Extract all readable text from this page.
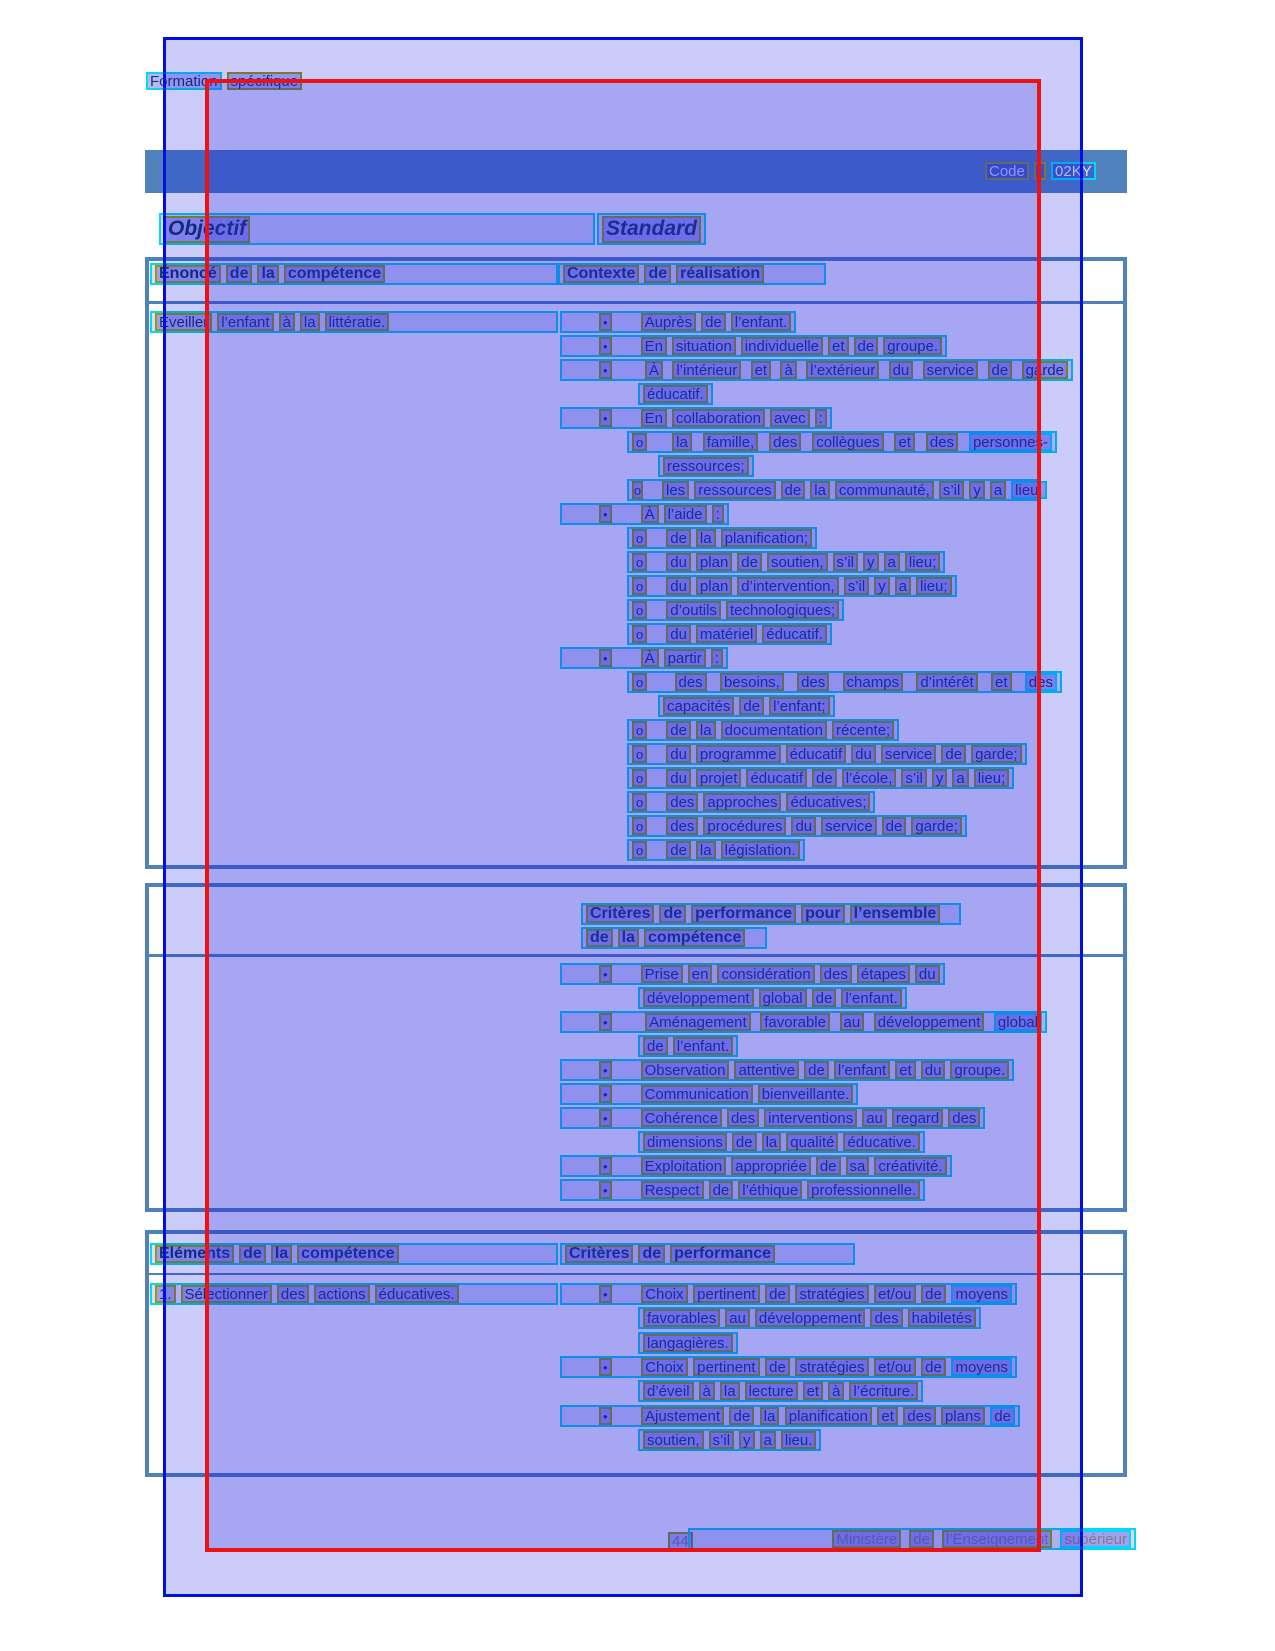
Formation spécifique
Code : 02KY
Objectif	Standard
Énoncé de la compétence	Contexte de réalisation
Éveiller l’enfant à la littératie.	• Auprès de l’enfant.
• En situation individuelle et de groupe.
•	À l’intérieur et à l’extérieur du service de garde
éducatif.
• En collaboration avec :
o la famille, des collègues et des personnes-
ressources;
o les ressources de la communauté, s’il y a lieu.
• À l’aide :
o de la planification;
o du plan de soutien, s’il y a lieu;
o du plan d’intervention, s’il y a lieu;
o d’outils technologiques;
o du matériel éducatif.
• À partir :
o des besoins, des champs d’intérêt et des
capacités de l’enfant;
o de la documentation récente;
o du programme éducatif du service de garde;
o du projet éducatif de l’école, s’il y a lieu;
o des approches éducatives;
o des procédures du service de garde;
o de la législation.
Critères de performance pour l’ensemble
de la compétence
• Prise en considération des étapes du
développement global de l’enfant.
•	Aménagement favorable au développement global
de l’enfant.
• Observation attentive de l’enfant et du groupe.
• Communication bienveillante.
• Cohérence des interventions au regard des
dimensions de la qualité éducative.
• Exploitation appropriée de sa créativité.
• Respect de l’éthique professionnelle.
Éléments de la compétence	Critères de performance
1. Sélectionner des actions éducatives.	•	Choix pertinent de stratégies et/ou de moyens
favorables au développement des habiletés
langagières.
•	Choix pertinent de stratégies et/ou de moyens
d’éveil à la lecture et à l’écriture.
• Ajustement de la planification et des plans de
soutien, s’il y a lieu.
44	Ministère de l’Enseignement supérieur
